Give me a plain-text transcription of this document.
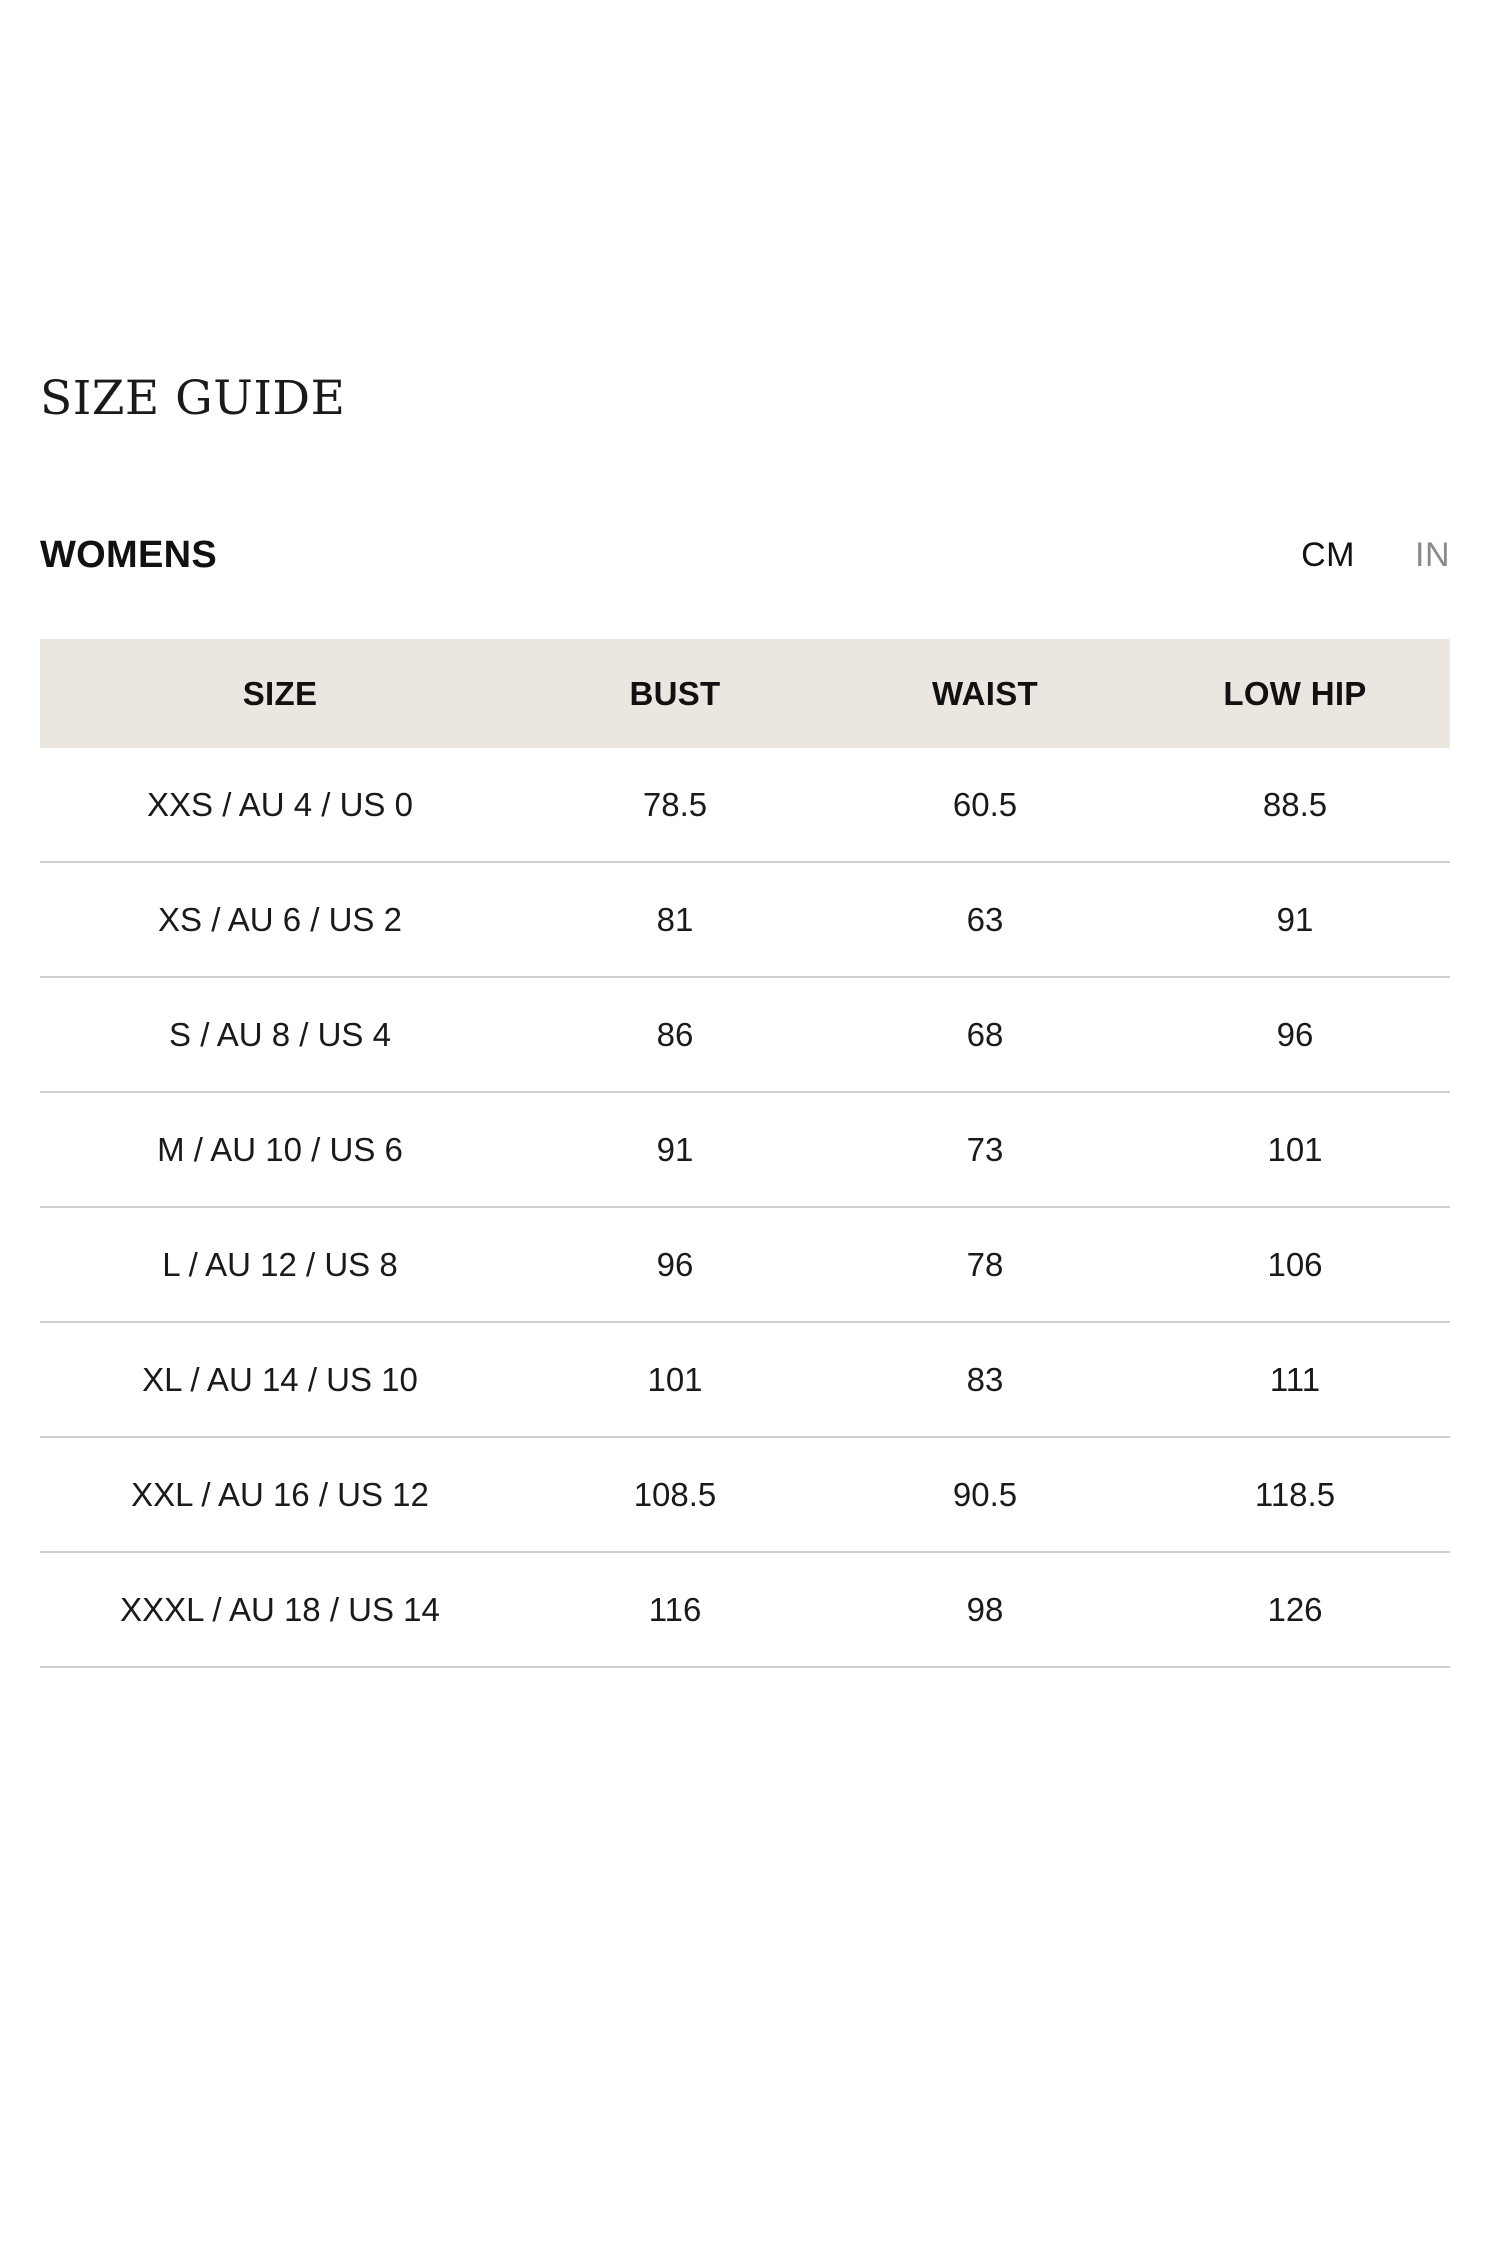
SIZE GUIDE
WOMENS	CM IN
SIZE	BUST	WAIST	LOW HIP
XXS / AU 4 / US 0	78.5	60.5	88.5
XS / AU 6 / US 2	81	63	91
S / AU 8 / US 4	86	68	96
M / AU 10 / US 6	91	73	101
L / AU 12 / US 8	96	78	106
XL / AU 14 / US 10	101	83	111
XXL / AU 16 / US 12	108.5	90.5	118.5
XXXL / AU 18 / US 14	116	98	126
